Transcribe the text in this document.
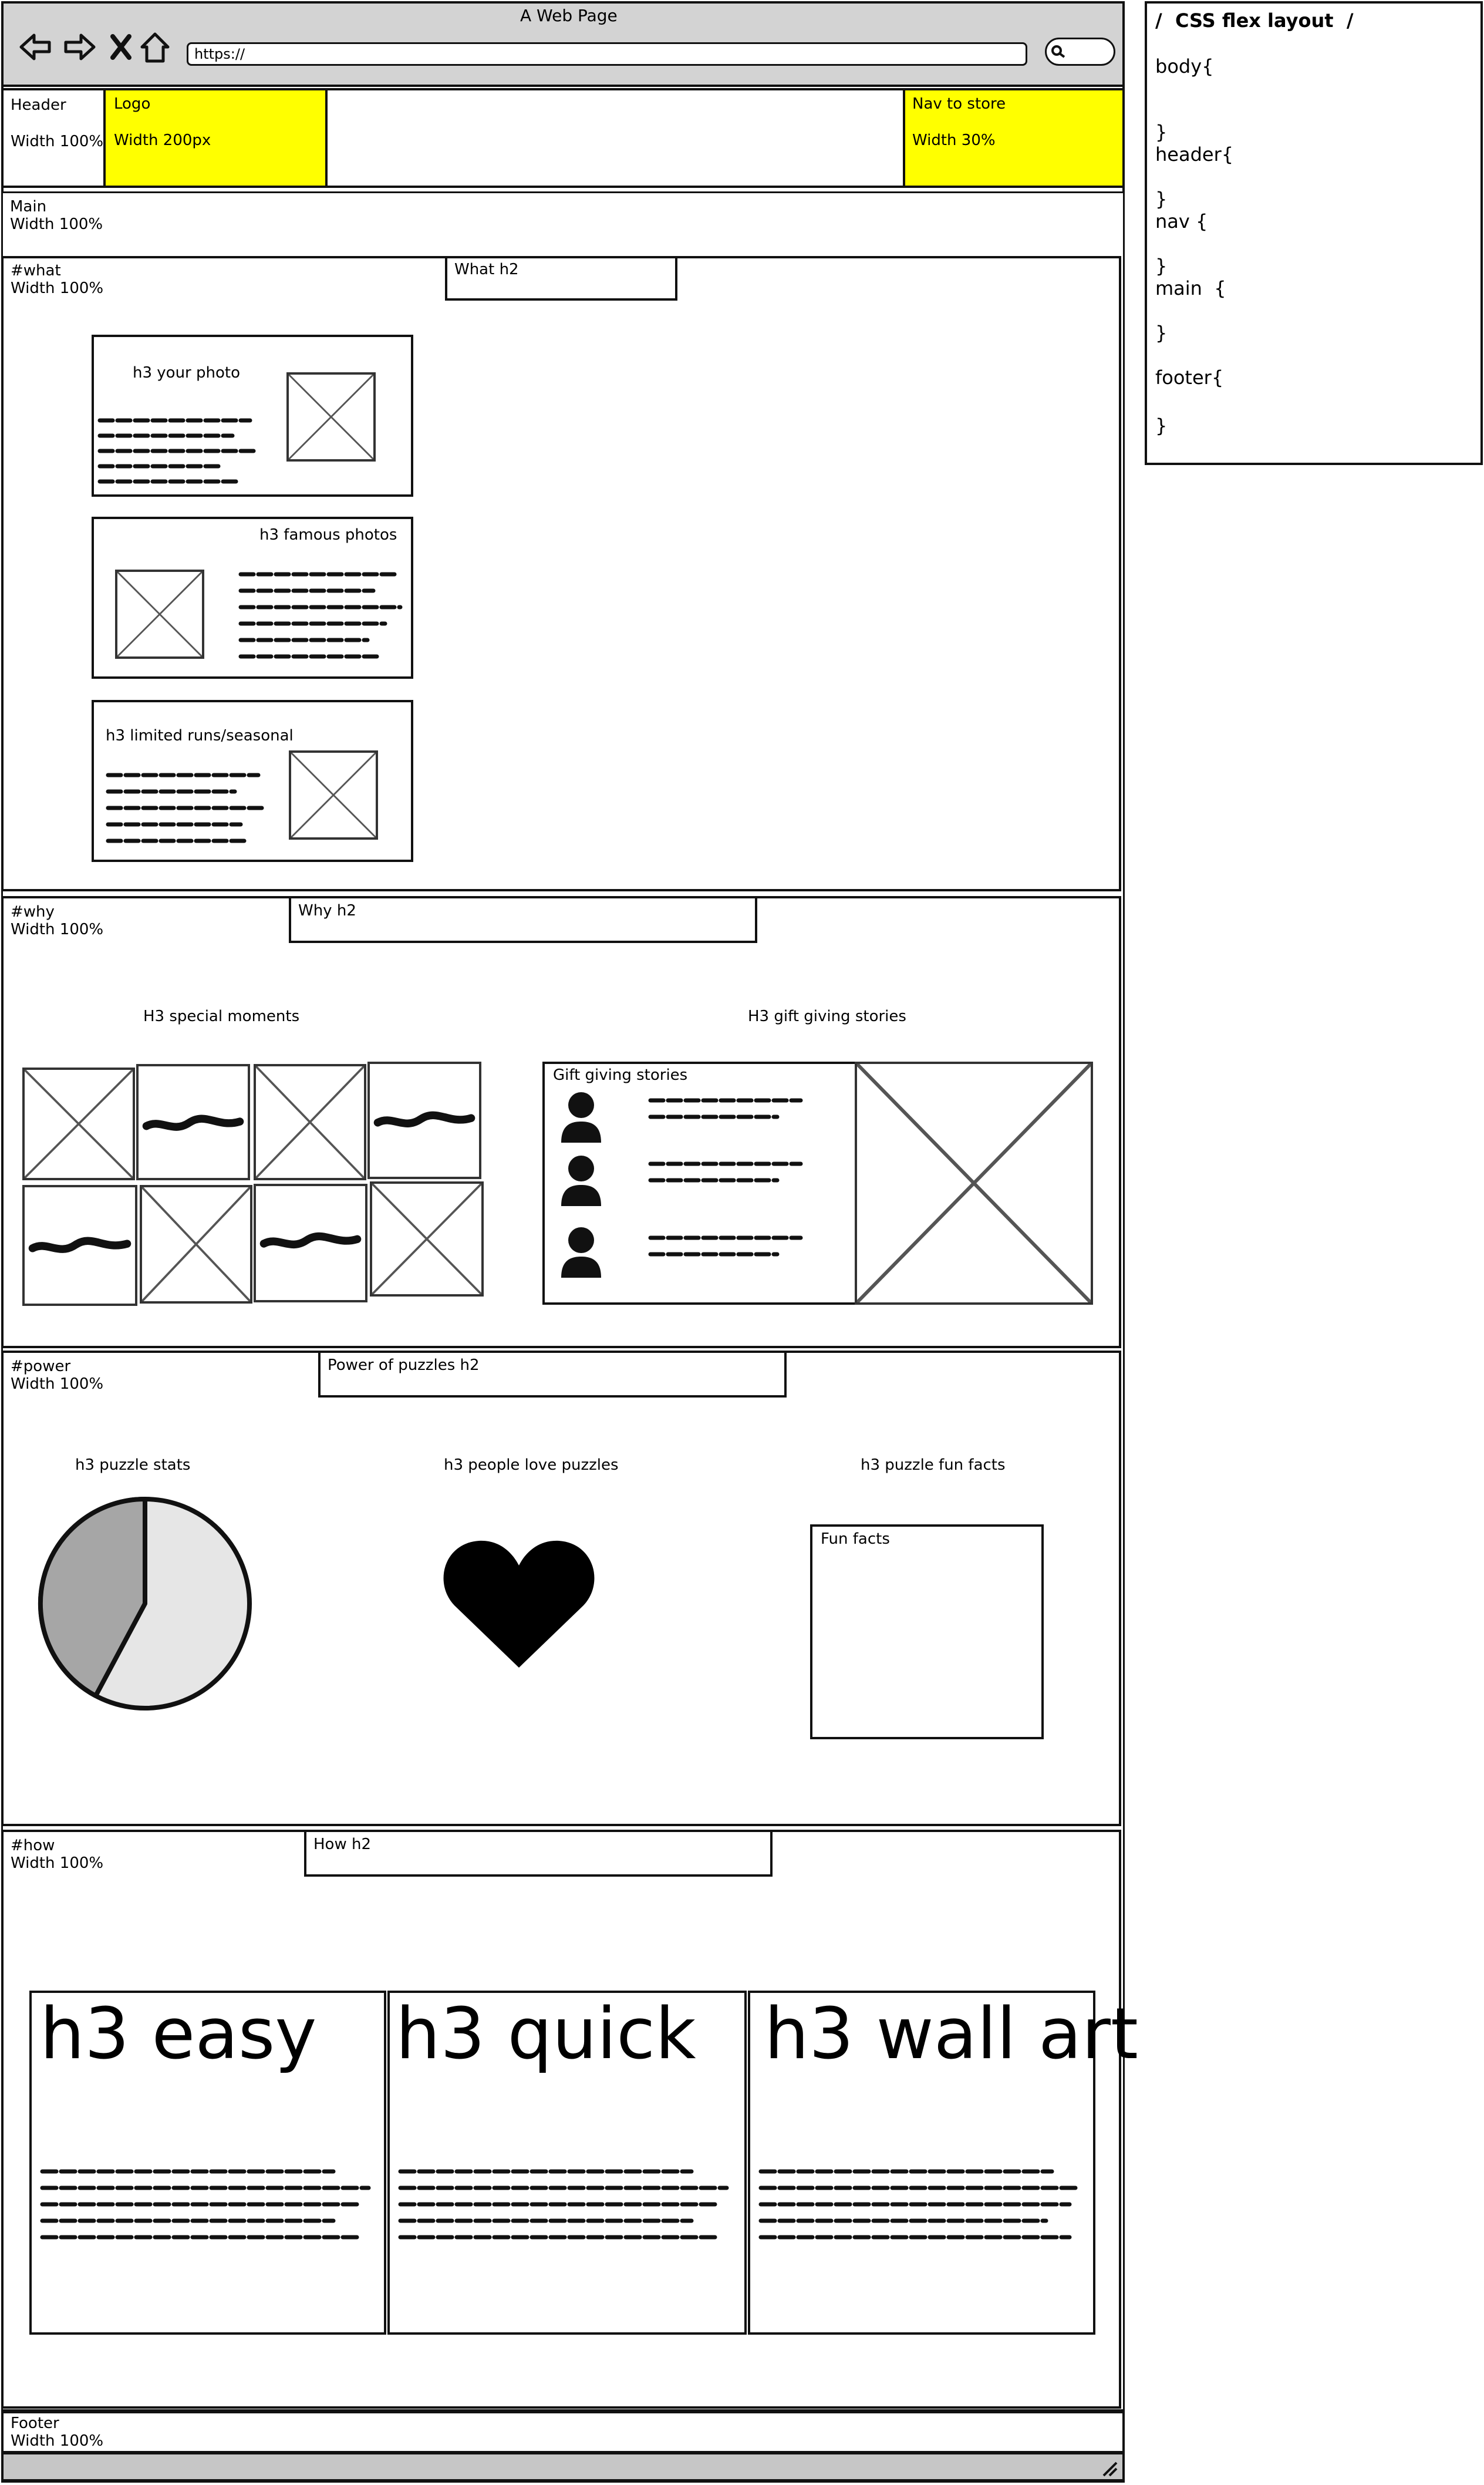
A Web Page
https://
Header
Width 100%
Logo
Width 200px
Nav to store
Width 30%
Main
Width 100%
#what
Width 100%
What h2
h3 your photo
h3 famous photos
h3 limited runs/seasonal
#why
Width 100%
Why h2
H3 special moments	H3 gift giving stories
Gift giving stories
#power
Width 100%
Power of puzzles h2
h3 puzzle stats	h3 people love puzzles	h3 puzzle fun facts
Fun facts
#how
Width 100%
How h2
h3 easy h3 quick h3 wall art
Footer
Width 100%
/  CSS flex layout  /
body{
}
header{
}
nav {
}
main  {
}
footer{
}
